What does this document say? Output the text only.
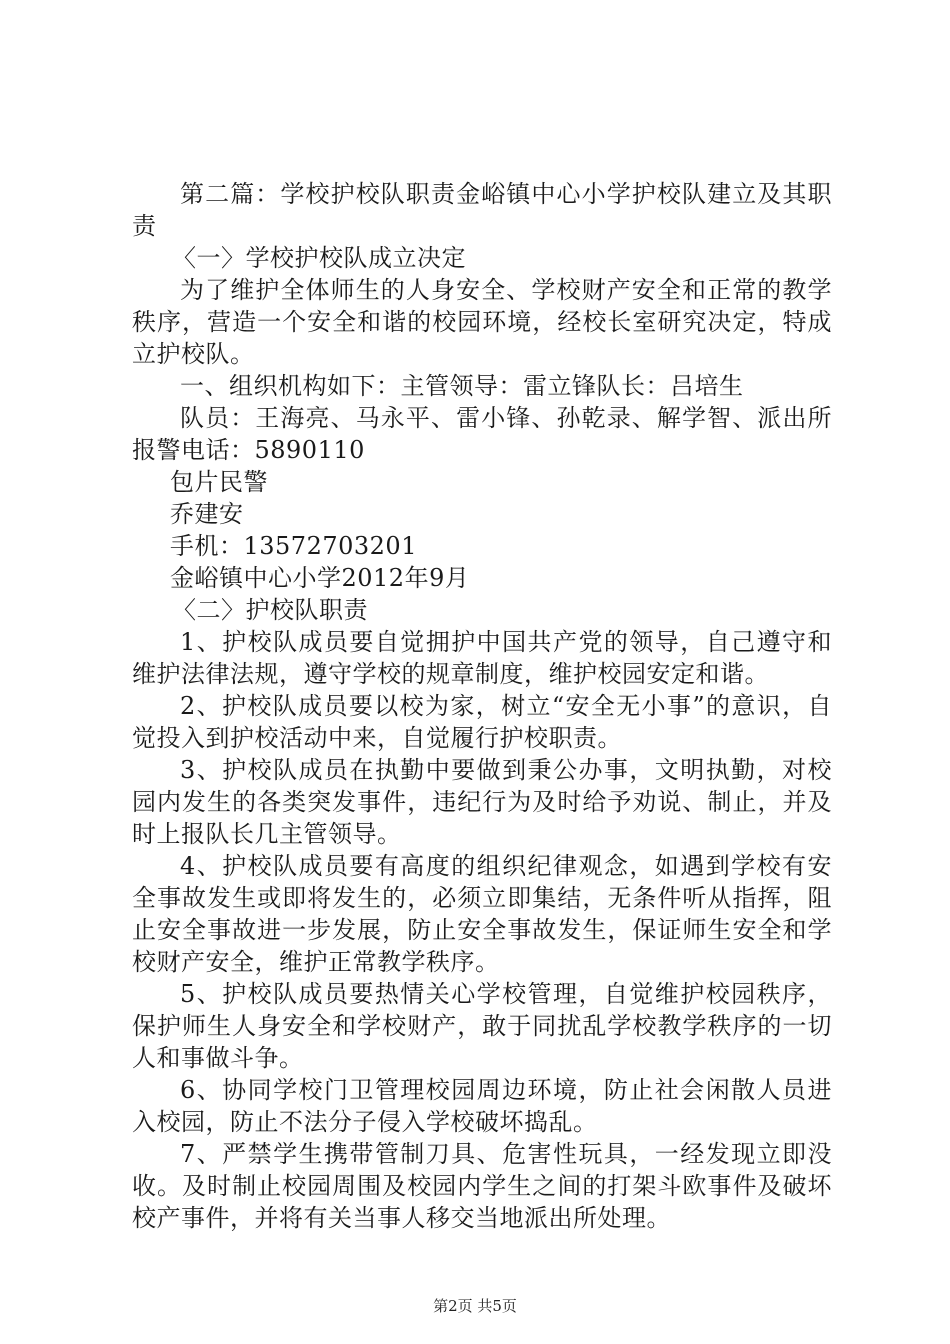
第二篇：学校护校队职责金峪镇中心小学护校队建立及其职责

〈一〉学校护校队成立决定

为了维护全体师生的人身安全、学校财产安全和正常的教学秩序，营造一个安全和谐的校园环境，经校长室研究决定，特成立护校队。

一、组织机构如下：主管领导：雷立锋队长：吕培生

队员：王海亮、马永平、雷小锋、孙乾录、解学智、派出所报警电话：5890110

包片民警

乔建安

手机：13572703201

金峪镇中心小学2012年9月

〈二〉护校队职责

1、护校队成员要自觉拥护中国共产党的领导，自己遵守和维护法律法规，遵守学校的规章制度，维护校园安定和谐。

2、护校队成员要以校为家，树立“安全无小事”的意识，自觉投入到护校活动中来，自觉履行护校职责。

3、护校队成员在执勤中要做到秉公办事，文明执勤，对校园内发生的各类突发事件，违纪行为及时给予劝说、制止，并及时上报队长几主管领导。

4、护校队成员要有高度的组织纪律观念，如遇到学校有安全事故发生或即将发生的，必须立即集结，无条件听从指挥，阻止安全事故进一步发展，防止安全事故发生，保证师生安全和学校财产安全，维护正常教学秩序。

5、护校队成员要热情关心学校管理，自觉维护校园秩序，保护师生人身安全和学校财产，敢于同扰乱学校教学秩序的一切人和事做斗争。

6、协同学校门卫管理校园周边环境，防止社会闲散人员进入校园，防止不法分子侵入学校破坏捣乱。

7、严禁学生携带管制刀具、危害性玩具，一经发现立即没收。及时制止校园周围及校园内学生之间的打架斗欧事件及破坏校产事件，并将有关当事人移交当地派出所处理。

第2页 共5页
